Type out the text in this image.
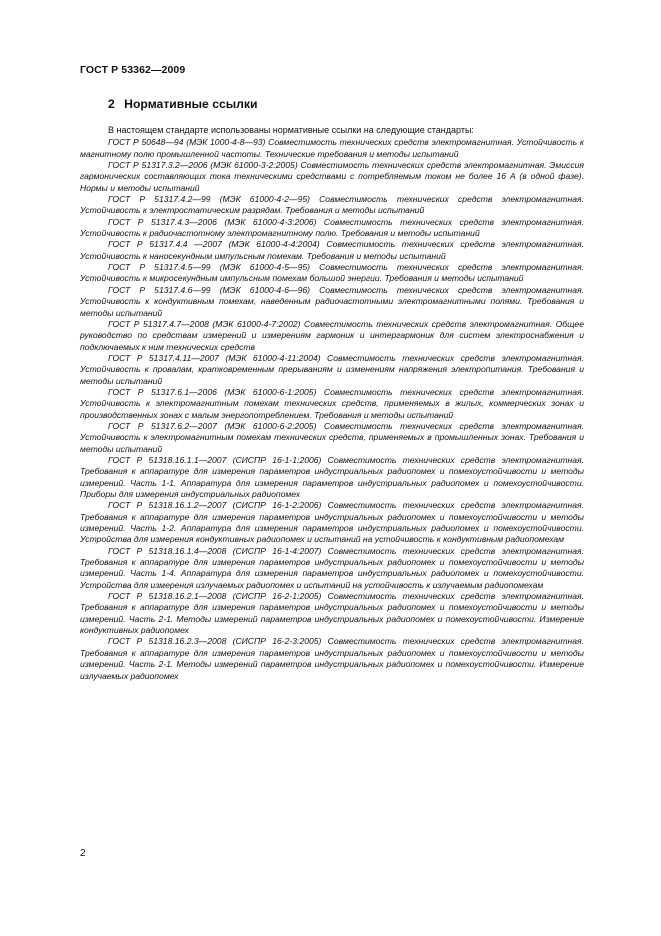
ГОСТ Р 53362—2009

2 Нормативные ссылки

В настоящем стандарте использованы нормативные ссылки на следующие стандарты:

ГОСТ Р 50648—94 (МЭК 1000-4-8—93) Совместимость технических средств электромагнитная. Устойчивость к магнитному полю промышленной частоты. Технические требования и методы испытаний

ГОСТ Р 51317.3.2—2006 (МЭК 61000-3-2:2005) Совместимость технических средств электромагнитная. Эмиссия гармонических составляющих тока техническими средствами с потребляемым током не более 16 А (в одной фазе). Нормы и методы испытаний

ГОСТ Р 51317.4.2—99 (МЭК 61000-4-2—95) Совместимость технических средств электромагнитная. Устойчивость к электростатическим разрядам. Требования и методы испытаний

ГОСТ Р 51317.4.3—2006 (МЭК 61000-4-3:2006) Совместимость технических средств электромагнитная. Устойчивость к радиочастотному электромагнитному полю. Требования и методы испытаний

ГОСТ Р 51317.4.4 —2007 (МЭК 61000-4-4:2004) Совместимость технических средств электромагнитная. Устойчивость к наносекундным импульсным помехам. Требования и методы испытаний

ГОСТ Р 51317.4.5—99 (МЭК 61000-4-5—95) Совместимость технических средств электромагнитная. Устойчивость к микросекундным импульсным помехам большой энергии. Требования и методы испытаний

ГОСТ Р 51317.4.6—99 (МЭК 61000-4-6—96) Совместимость технических средств электромагнитная. Устойчивость к кондуктивным помехам, наведенным радиочастотными электромагнитными полями. Требования и методы испытаний

ГОСТ Р 51317.4.7—2008 (МЭК 61000-4-7:2002) Совместимость технических средств электромагнитная. Общее руководство по средствам измерений и измерениям гармоник и интергармоник для систем электроснабжения и подключаемых к ним технических средств

ГОСТ Р 51317.4.11—2007 (МЭК 61000-4-11:2004) Совместимость технических средств электромагнитная. Устойчивость к провалам, кратковременным прерываниям и изменениям напряжения электропитания. Требования и методы испытаний

ГОСТ Р 51317.6.1—2006 (МЭК 61000-6-1:2005) Совместимость технических средств электромагнитная. Устойчивость к электромагнитным помехам технических средств, применяемых в жилых, коммерческих зонах и производственных зонах с малым энергопотреблением. Требования и методы испытаний

ГОСТ Р 51317.6.2—2007 (МЭК 61000-6-2:2005) Совместимость технических средств электромагнитная. Устойчивость к электромагнитным помехам технических средств, применяемых в промышленных зонах. Требования и методы испытаний

ГОСТ Р 51318.16.1.1—2007 (СИСПР 16-1-1:2006) Совместимость технических средств электромагнитная. Требования к аппаратуре для измерения параметров индустриальных радиопомех и помехоустойчивости и методы измерений. Часть 1-1. Аппаратура для измерения параметров индустриальных радиопомех и помехоустойчивости. Приборы для измерения индустриальных радиопомех

ГОСТ Р 51318.16.1.2—2007 (СИСПР 16-1-2:2006) Совместимость технических средств электромагнитная. Требования к аппаратуре для измерения параметров индустриальных радиопомех и помехоустойчивости и методы измерений. Часть 1-2. Аппаратура для измерения параметров индустриальных радиопомех и помехоустойчивости. Устройства для измерения кондуктивных радиопомех и испытаний на устойчивость к кондуктивным радиопомехам

ГОСТ Р 51318.16.1.4—2008 (СИСПР 16-1-4:2007) Совместимость технических средств электромагнитная. Требования к аппаратуре для измерения параметров индустриальных радиопомех и помехоустойчивости и методы измерений. Часть 1-4. Аппаратура для измерения параметров индустриальных радиопомех и помехоустойчивости. Устройства для измерения излучаемых радиопомех и испытаний на устойчивость к излучаемым радиопомехам

ГОСТ Р 51318.16.2.1—2008 (СИСПР 16-2-1:2005) Совместимость технических средств электромагнитная. Требования к аппаратуре для измерения параметров индустриальных радиопомех и помехоустойчивости и методы измерений. Часть 2-1. Методы измерений параметров индустриальных радиопомех и помехоустойчивости. Измерение кондуктивных радиопомех

ГОСТ Р 51318.16.2.3—2008 (СИСПР 16-2-3:2005) Совместимость технических средств электромагнитная. Требования к аппаратуре для измерения параметров индустриальных радиопомех и помехоустойчивости и методы измерений. Часть 2-1. Методы измерений параметров индустриальных радиопомех и помехоустойчивости. Измерение излучаемых радиопомех

2
